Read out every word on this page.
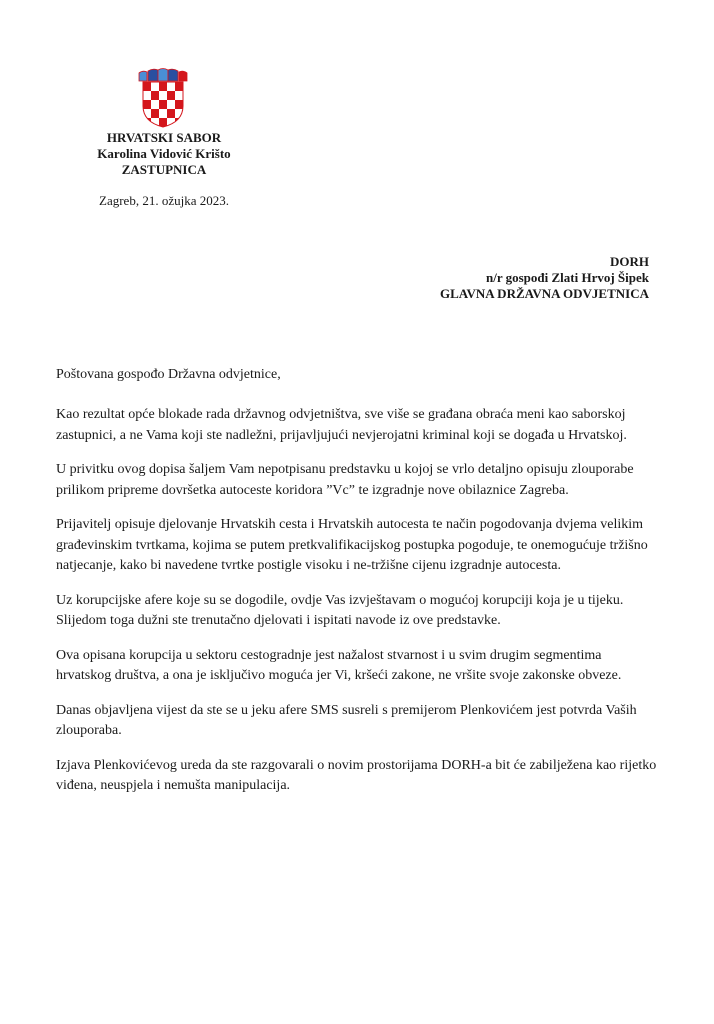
HRVATSKI SABOR
Karolina Vidović Krišto
ZASTUPNICA
Zagreb, 21. ožujka 2023.
DORH
n/r gospođi Zlati Hrvoj Šipek
GLAVNA DRŽAVNA ODVJETNICA
Poštovana gospođo Državna odvjetnice,

Kao rezultat opće blokade rada državnog odvjetništva, sve više se građana obraća meni kao saborskoj zastupnici, a ne Vama koji ste nadležni, prijavljujući nevjerojatni kriminal koji se događa u Hrvatskoj.

U privitku ovog dopisa šaljem Vam nepotpisanu predstavku u kojoj se vrlo detaljno opisuju zlouporabe prilikom pripreme dovršetka autoceste koridora ”Vc” te izgradnje nove obilaznice Zagreba.

Prijavitelj opisuje djelovanje Hrvatskih cesta i Hrvatskih autocesta te način pogodovanja dvjema velikim građevinskim tvrtkama, kojima se putem pretkvalifikacijskog postupka pogoduje, te onemogućuje tržišno natjecanje, kako bi navedene tvrtke postigle visoku i ne-tržišne cijenu izgradnje autocesta.

Uz korupcijske afere koje su se dogodile, ovdje Vas izvještavam o mogućoj korupciji koja je u tijeku. Slijedom toga dužni ste trenutačno djelovati i ispitati navode iz ove predstavke.

Ova opisana korupcija u sektoru cestogradnje jest nažalost stvarnost i u svim drugim segmentima hrvatskog društva, a ona je isključivo moguća jer Vi, kršeći zakone, ne vršite svoje zakonske obveze.

Danas objavljena vijest da ste se u jeku afere SMS susreli s premijerom Plenkovićem jest potvrda Vaših zlouporaba.

Izjava Plenkovićevog ureda da ste razgovarali o novim prostorijama DORH-a bit će zabilježena kao rijetko viđena, neuspjela i nemušta manipulacija.
